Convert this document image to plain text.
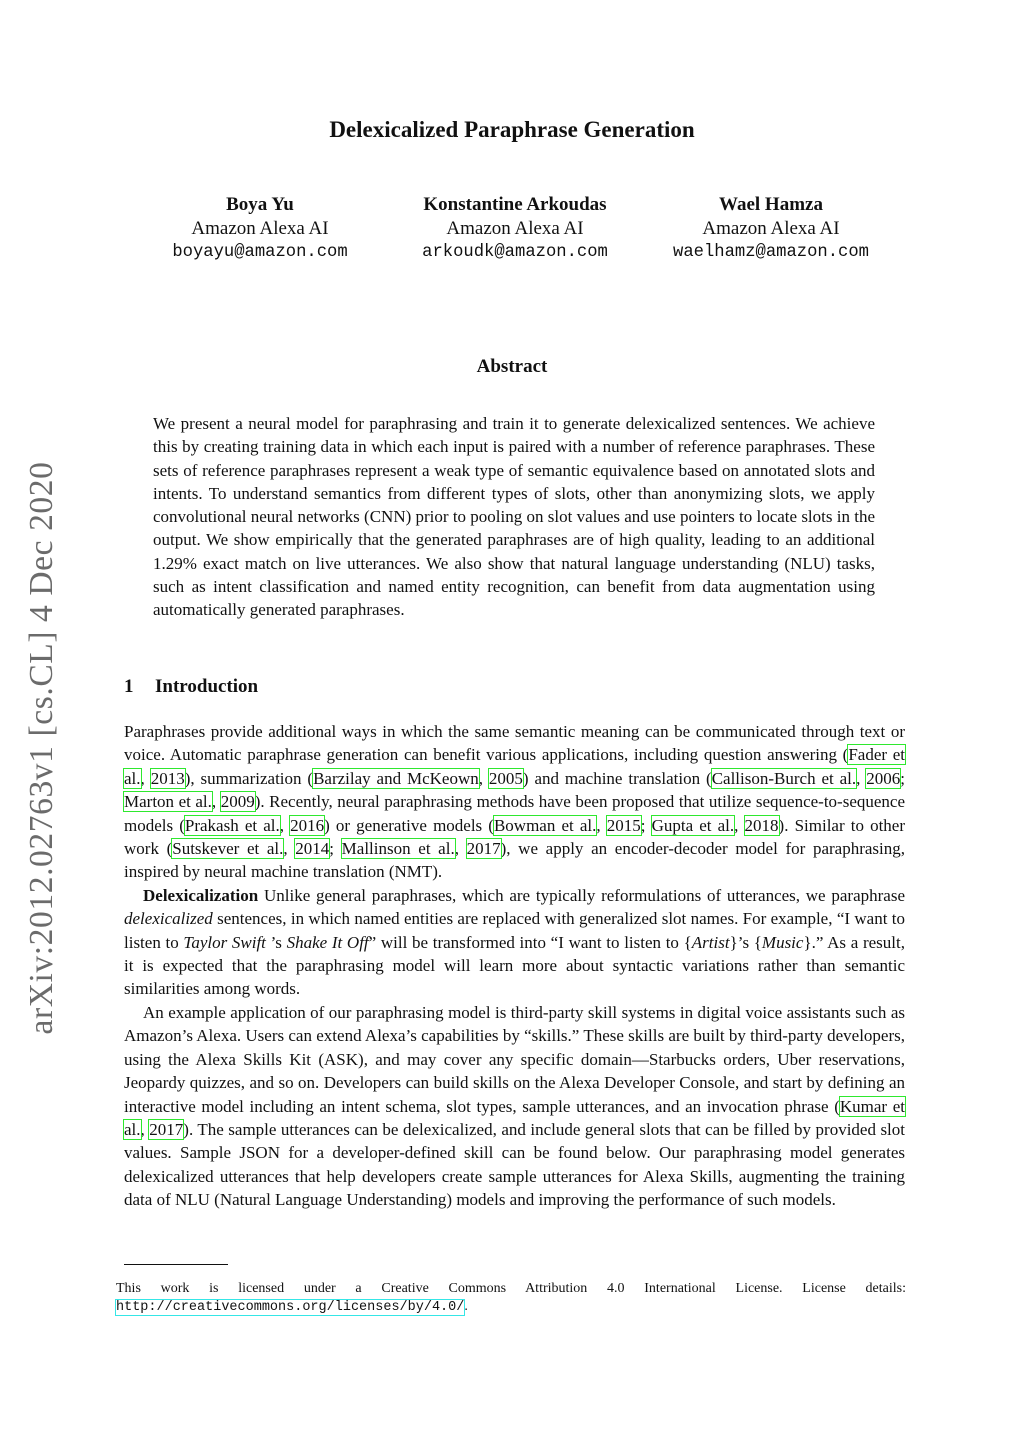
arXiv:2012.02763v1 [cs.CL] 4 Dec 2020
Delexicalized Paraphrase Generation
Boya Yu
Amazon Alexa AI
boyayu@amazon.com
Konstantine Arkoudas
Amazon Alexa AI
arkoudk@amazon.com
Wael Hamza
Amazon Alexa AI
waelhamz@amazon.com
Abstract

We present a neural model for paraphrasing and train it to generate delexicalized sentences. We achieve this by creating training data in which each input is paired with a number of reference paraphrases. These sets of reference paraphrases represent a weak type of semantic equivalence based on annotated slots and intents. To understand semantics from different types of slots, other than anonymizing slots, we apply convolutional neural networks (CNN) prior to pooling on slot values and use pointers to locate slots in the output. We show empirically that the generated paraphrases are of high quality, leading to an additional 1.29% exact match on live utterances. We also show that natural language understanding (NLU) tasks, such as intent classification and named entity recognition, can benefit from data augmentation using automatically generated paraphrases.

1 Introduction

Paraphrases provide additional ways in which the same semantic meaning can be communicated through text or voice. Automatic paraphrase generation can benefit various applications, including question answering (Fader et al., 2013), summarization (Barzilay and McKeown, 2005) and machine translation (Callison-Burch et al., 2006; Marton et al., 2009). Recently, neural paraphrasing methods have been proposed that utilize sequence-to-sequence models (Prakash et al., 2016) or generative models (Bowman et al., 2015; Gupta et al., 2018). Similar to other work (Sutskever et al., 2014; Mallinson et al., 2017), we apply an encoder-decoder model for paraphrasing, inspired by neural machine translation (NMT).

Delexicalization Unlike general paraphrases, which are typically reformulations of utterances, we paraphrase delexicalized sentences, in which named entities are replaced with generalized slot names. For example, “I want to listen to Taylor Swift ’s Shake It Off” will be transformed into “I want to listen to {Artist}’s {Music}.” As a result, it is expected that the paraphrasing model will learn more about syntactic variations rather than semantic similarities among words.

An example application of our paraphrasing model is third-party skill systems in digital voice assistants such as Amazon’s Alexa. Users can extend Alexa’s capabilities by “skills.” These skills are built by third-party developers, using the Alexa Skills Kit (ASK), and may cover any specific domain—Starbucks orders, Uber reservations, Jeopardy quizzes, and so on. Developers can build skills on the Alexa Developer Console, and start by defining an interactive model including an intent schema, slot types, sample utterances, and an invocation phrase (Kumar et al., 2017). The sample utterances can be delexicalized, and include general slots that can be filled by provided slot values. Sample JSON for a developer-defined skill can be found below. Our paraphrasing model generates delexicalized utterances that help developers create sample utterances for Alexa Skills, augmenting the training data of NLU (Natural Language Understanding) models and improving the performance of such models.

This work is licensed under a Creative Commons Attribution 4.0 International License. License details: http://creativecommons.org/licenses/by/4.0/.
